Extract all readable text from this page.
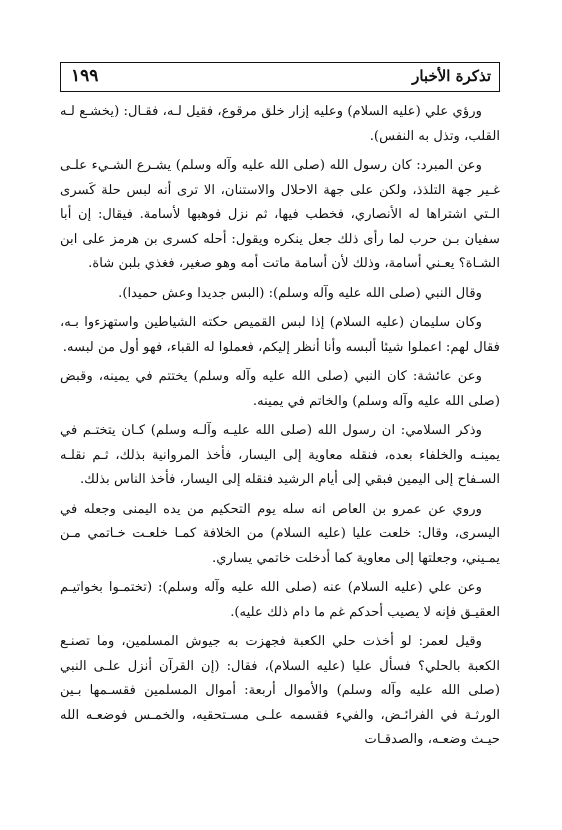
تذكرة الأخبار
١٩٩

ورؤي علي (عليه السلام) وعليه إزار خلق مرقوع، فقيل لـه، فقـال: (يخشـع لـه القلب، وتذل به النفس).

وعن المبرد: كان رسول الله (صلى الله عليه وآله وسلم) يشـرع الشـيء علـى غـير جهة التلذذ، ولكن على جهة الاحلال والاستنان، الا ترى أنه لبس حلة كَسرى الـتي اشتراها له الأنصاري، فخطب فيها، ثم نزل فوهبها لأسامة. فيقال: إن أبا سفيان بـن حرب لما رأى ذلك جعل ينكره ويقول: أحله كسرى بن هرمز على ابن الشـاة؟ يعـني أسامة، وذلك لأن أسامة ماتت أمه وهو صغير، فغذي بلبن شاة.

وقال النبي (صلى الله عليه وآله وسلم): (البس جديدا وعش حميدا).

وكان سليمان (عليه السلام) إذا لبس القميص حكته الشياطين واستهزءوا بـه، فقال لهم: اعملوا شيئا ألبسه وأنا أنظر إليكم، فعملوا له القباء، فهو أول من لبسه.

وعن عائشة: كان النبي (صلى الله عليه وآله وسلم) يختتم في يمينه، وقبض (صلى الله عليه وآله وسلم) والخاتم في يمينه.

وذكر السلامي: ان رسول الله (صلى الله عليـه وآلـه وسلم) كـان يتختـم في يمينـه والخلفاء بعده، فنقله معاوية إلى اليسار، فأخذ المروانية بذلك، ثـم نقلـه السـفاح إلى اليمين فبقي إلى أيام الرشيد فنقله إلى اليسار، فأخذ الناس بذلك.

وروي عن عمرو بن العاص انه سله يوم التحكيم من يده اليمنى وجعله في اليسرى، وقال: خلعت عليا (عليه السلام) من الخلافة كمـا خلعـت خـاتمي مـن يمـيني، وجعلتها إلى معاوية كما أدخلت خاتمي يساري.

وعن علي (عليه السلام) عنه (صلى الله عليه وآله وسلم): (تختمـوا بخواتيـم العقيـق فإنه لا يصيب أحدكم غم ما دام ذلك عليه).

وقيل لعمر: لو أخذت حلي الكعبة فجهزت به جيوش المسلمين، وما تصنـع الكعبة بالحلي؟ فسأل عليا (عليه السلام)، فقال: (إن القرآن أنزل علـى النبي (صلى الله عليه وآله وسلم) والأموال أربعة: أموال المسلمين فقسـمها بـين الورثـة في الفرائـض، والفيء فقسمه علـى مسـتحقيه، والخمـس فوضعـه الله حيـث وضعـه، والصدقـات
